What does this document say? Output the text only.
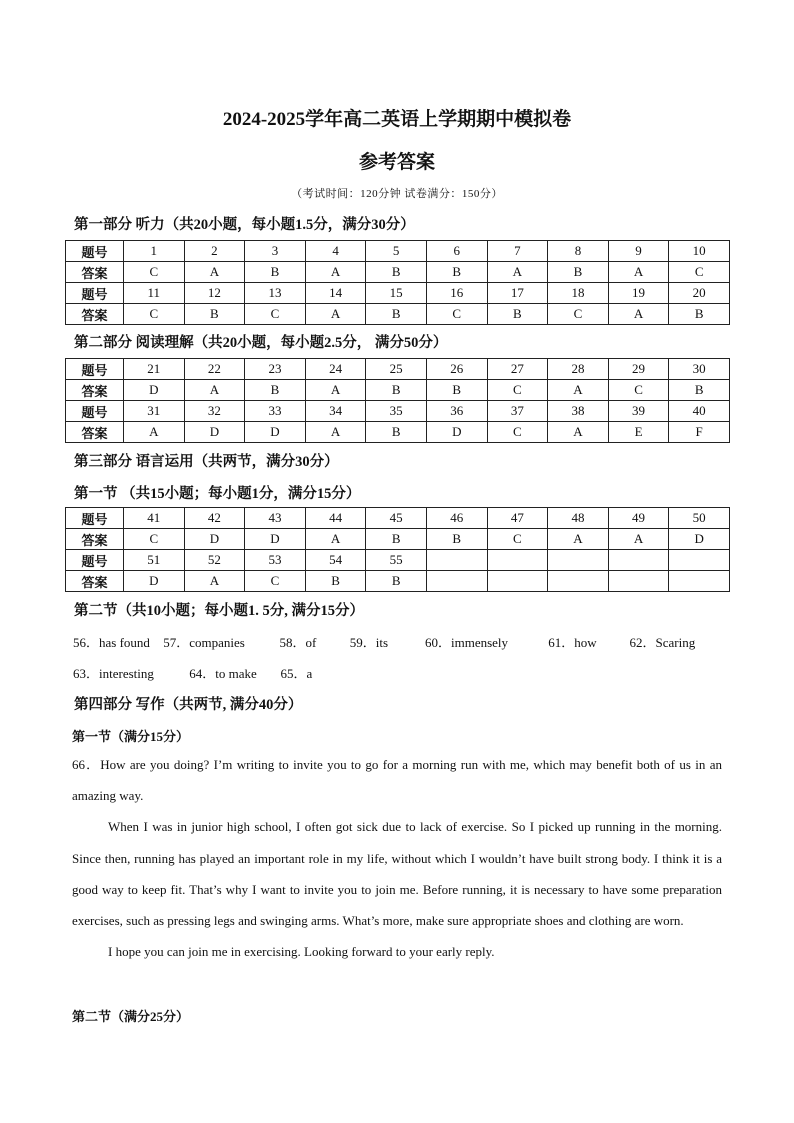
2024-2025学年高二英语上学期期中模拟卷
参考答案
（考试时间：120分钟 试卷满分：150分）
第一部分 听力（共20小题，每小题1.5分，满分30分）
题号	1	2	3	4	5	6	7	8	9	10
答案	C	A	B	A	B	B	A	B	A	C
题号	11	12	13	14	15	16	17	18	19	20
答案	C	B	C	A	B	C	B	C	A	B
第二部分 阅读理解（共20小题，每小题2.5分， 满分50分）
题号	21	22	23	24	25	26	27	28	29	30
答案	D	A	B	A	B	B	C	A	C	B
题号	31	32	33	34	35	36	37	38	39	40
答案	A	D	D	A	B	D	C	A	E	F
第三部分 语言运用（共两节，满分30分）
第一节 （共15小题；每小题1分，满分15分）
题号	41	42	43	44	45	46	47	48	49	50
答案	C	D	D	A	B	B	C	A	A	D
题号	51	52	53	54	55					
答案	D	A	C	B	B					
第二节（共10小题；每小题1. 5分, 满分15分）
56．has found 57．companies	58．of	59．its	60．immensely	61．how	62．Scaring
63．interesting	64．to make 65．a
第四部分 写作（共两节, 满分40分）
第一节（满分15分）

66．How are you doing? I’m writing to invite you to go for a morning run with me, which may benefit both of us in an amazing way.

When I was in junior high school, I often got sick due to lack of exercise. So I picked up running in the morning. Since then, running has played an important role in my life, without which I wouldn’t have built strong body. I think it is a good way to keep fit. That’s why I want to invite you to join me. Before running, it is necessary to have some preparation exercises, such as pressing legs and swinging arms. What’s more, make sure appropriate shoes and clothing are worn.

I hope you can join me in exercising. Looking forward to your early reply.

第二节（满分25分）
